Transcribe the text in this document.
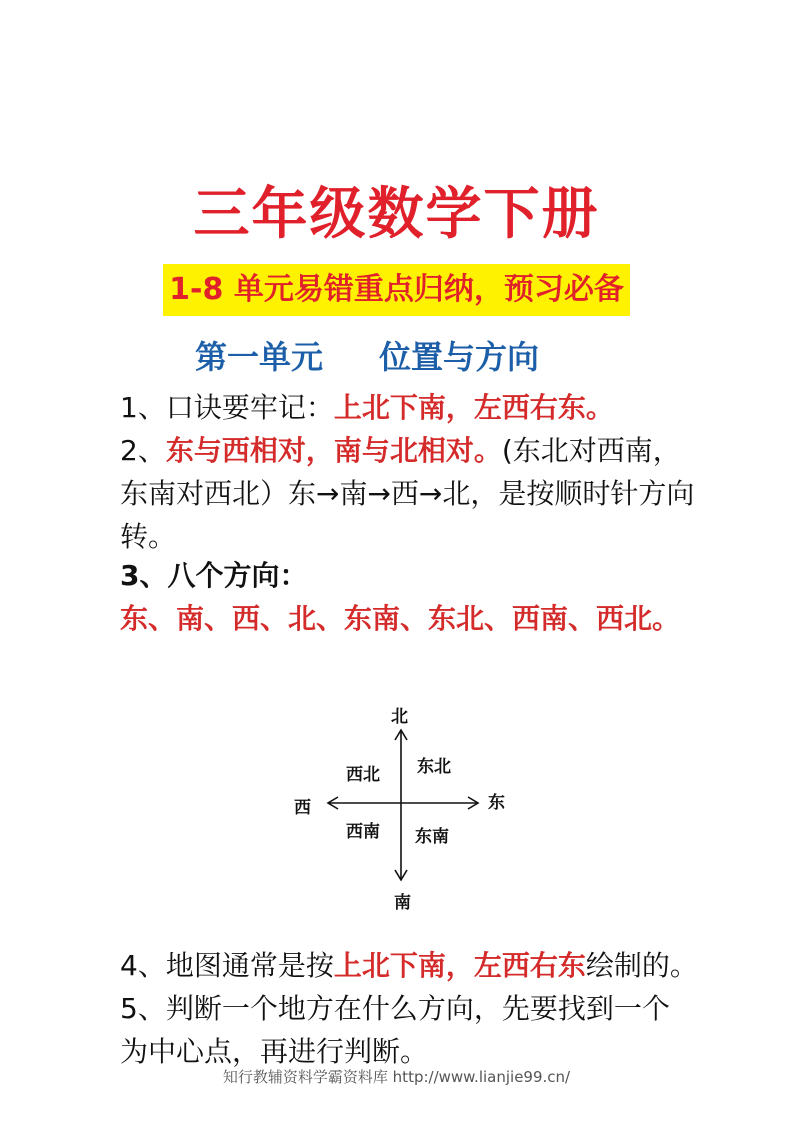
三年级数学下册
1-8 单元易错重点归纳，预习必备
第一单元 位置与方向
1、口诀要牢记：上北下南，左西右东。
2、东与西相对，南与北相对。(东北对西南，东南对西北）东→南→西→北，是按顺时针方向转。
3、八个方向：
东、南、西、北、东南、东北、西南、西北。
北
南
东
西
西北 东北
西南 东南
4、地图通常是按上北下南，左西右东绘制的。
5、判断一个地方在什么方向，先要找到一个为中心点，再进行判断。
知行教辅资料学霸资料库 http://www.lianjie99.cn/
